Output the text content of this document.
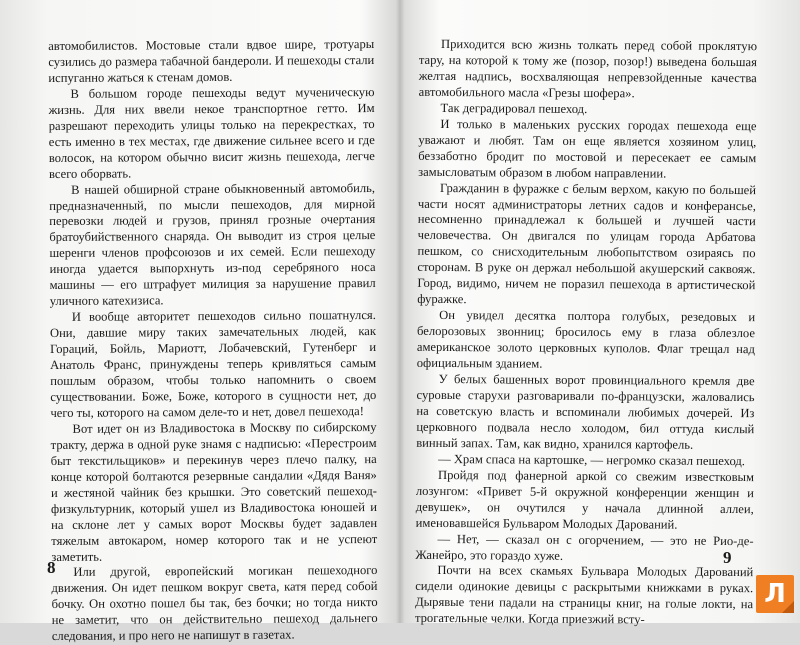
автомобилистов. Мостовые стали вдвое шире, тротуары сузились до размера табачной бандероли. И пешеходы стали испуганно жаться к стенам домов.

В большом городе пешеходы ведут мученическую жизнь. Для них ввели некое транспортное гетто. Им разрешают переходить улицы только на перекрестках, то есть именно в тех местах, где движение сильнее всего и где волосок, на котором обычно висит жизнь пешехода, легче всего оборвать.

В нашей обширной стране обыкновенный автомобиль, предназначенный, по мысли пешеходов, для мирной перевозки людей и грузов, принял грозные очертания братоубийственного снаряда. Он выводит из строя целые шеренги членов профсоюзов и их семей. Если пешеходу иногда удается выпорхнуть из-под серебряного носа машины — его штрафует милиция за нарушение правил уличного катехизиса.

И вообще авторитет пешеходов сильно пошатнулся. Они, давшие миру таких замечательных людей, как Гораций, Бойль, Мариотт, Лобачевский, Гутенберг и Анатоль Франс, принуждены теперь кривляться самым пошлым образом, чтобы только напомнить о своем существовании. Боже, Боже, которого в сущности нет, до чего ты, которого на самом деле-то и нет, довел пешехода!

Вот идет он из Владивостока в Москву по сибирскому тракту, держа в одной руке знамя с надписью: «Перестроим быт текстильщиков» и перекинув через плечо палку, на конце которой болтаются резервные сандалии «Дядя Ваня» и жестяной чайник без крышки. Это советский пешеход-физкультурник, который ушел из Владивостока юношей и на склоне лет у самых ворот Москвы будет задавлен тяжелым автокаром, номер которого так и не успеют заметить.

Или другой, европейский могикан пешеходного движения. Он идет пешком вокруг света, катя перед собой бочку. Он охотно пошел бы так, без бочки; но тогда никто не заметит, что он действительно пешеход дальнего следования, и про него не напишут в газетах.

8

Приходится всю жизнь толкать перед собой проклятую тару, на которой к тому же (позор, позор!) выведена большая желтая надпись, восхваляющая непревзойденные качества автомобильного масла «Грезы шофера».

Так деградировал пешеход.

И только в маленьких русских городах пешехода еще уважают и любят. Там он еще является хозяином улиц, беззаботно бродит по мостовой и пересекает ее самым замысловатым образом в любом направлении.

Гражданин в фуражке с белым верхом, какую по большей части носят администраторы летних садов и конферансье, несомненно принадлежал к большей и лучшей части человечества. Он двигался по улицам города Арбатова пешком, со снисходительным любопытством озираясь по сторонам. В руке он держал небольшой акушерский саквояж. Город, видимо, ничем не поразил пешехода в артистической фуражке.

Он увидел десятка полтора голубых, резедовых и белорозовых звонниц; бросилось ему в глаза облезлое американское золото церковных куполов. Флаг трещал над официальным зданием.

У белых башенных ворот провинциального кремля две суровые старухи разговаривали по-французски, жаловались на советскую власть и вспоминали любимых дочерей. Из церковного подвала несло холодом, бил оттуда кислый винный запах. Там, как видно, хранился картофель.

— Храм спаса на картошке, — негромко сказал пешеход.

Пройдя под фанерной аркой со свежим известковым лозунгом: «Привет 5-й окружной конференции женщин и девушек», он очутился у начала длинной аллеи, именовавшейся Бульваром Молодых Дарований.

— Нет, — сказал он с огорчением, — это не Рио-де-Жанейро, это гораздо хуже.

Почти на всех скамьях Бульвара Молодых Дарований сидели одинокие девицы с раскрытыми книжками в руках. Дырявые тени падали на страницы книг, на голые локти, на трогательные челки. Когда приезжий всту-

9
Л
